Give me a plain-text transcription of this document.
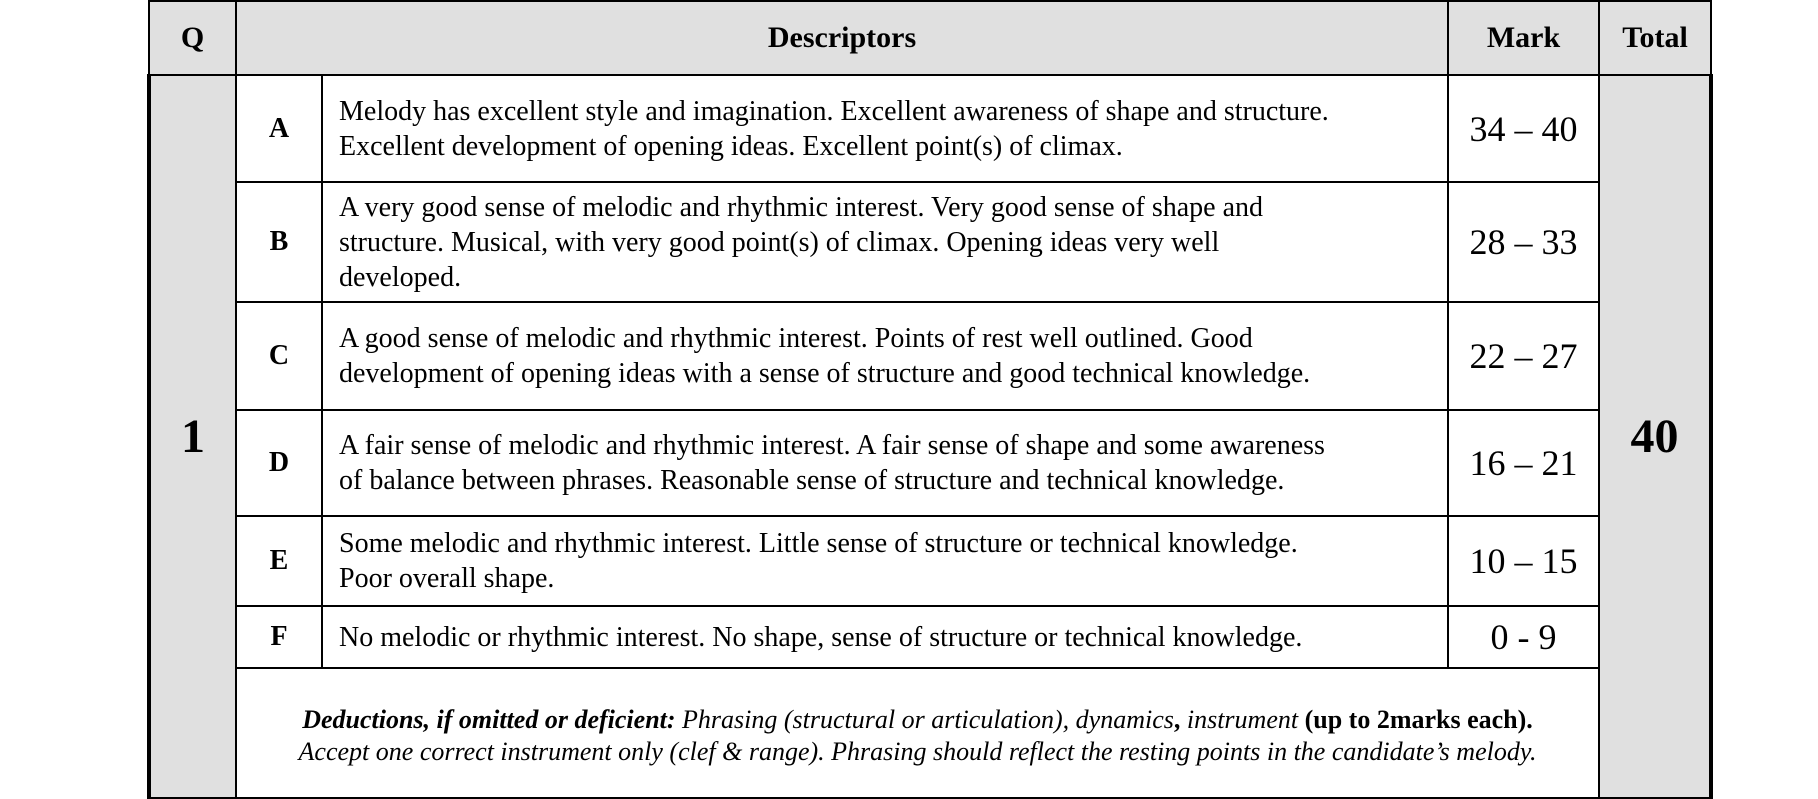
Q	Descriptors		Mark	Total
1	A	Melody has excellent style and imagination. Excellent awareness of shape and structure.
Excellent development of opening ideas. Excellent point(s) of climax.	34 – 40	40
	B	A very good sense of melodic and rhythmic interest. Very good sense of shape and
structure. Musical, with very good point(s) of climax. Opening ideas very well
developed.	28 – 33	
	C	A good sense of melodic and rhythmic interest. Points of rest well outlined. Good
development of opening ideas with a sense of structure and good technical knowledge.	22 – 27	
	D	A fair sense of melodic and rhythmic interest. A fair sense of shape and some awareness
of balance between phrases. Reasonable sense of structure and technical knowledge.	16 – 21	
	E	Some melodic and rhythmic interest. Little sense of structure or technical knowledge.
Poor overall shape.	10 – 15	
	F	No melodic or rhythmic interest. No shape, sense of structure or technical knowledge.	0 - 9	

	Deductions, if omitted or deficient: Phrasing (structural or articulation), dynamics, instrument (up to 2marks each).
Accept one correct instrument only (clef & range). Phrasing should reflect the resting points in the candidate’s melody.			
